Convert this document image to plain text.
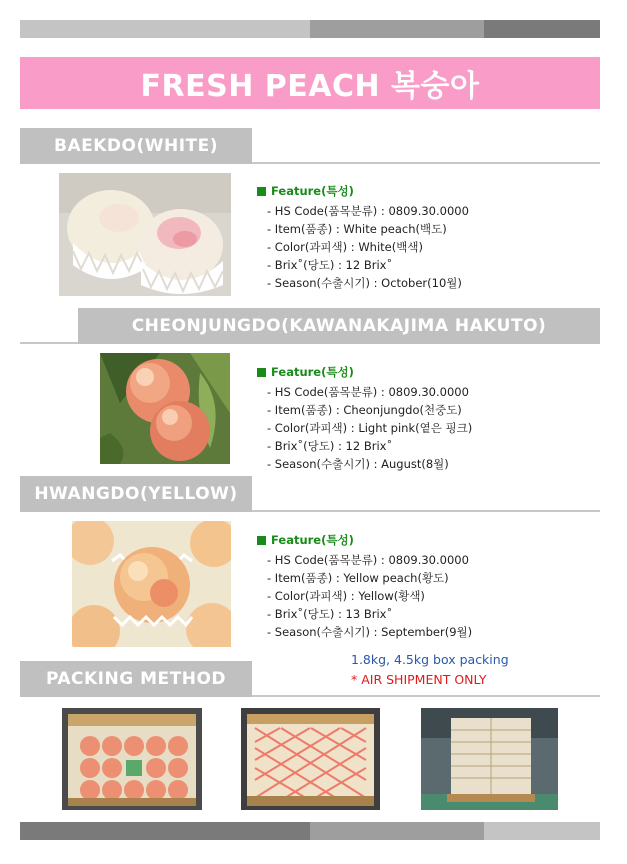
FRESH PEACH 복숭아
BAEKDO(WHITE)
Feature(특성)
- HS Code(품목분류) : 0809.30.0000
- Item(품종) : White peach(백도)
- Color(과피색) : White(백색)
- Brix˚(당도) : 12 Brix˚
- Season(수출시기) : October(10월)
CHEONJUNGDO(KAWANAKAJIMA HAKUTO)
Feature(특성)
- HS Code(품목분류) : 0809.30.0000
- Item(품종) : Cheonjungdo(천중도)
- Color(과피색) : Light pink(옅은 핑크)
- Brix˚(당도) : 12 Brix˚
- Season(수출시기) : August(8월)
HWANGDO(YELLOW)
Feature(특성)
- HS Code(품목분류) : 0809.30.0000
- Item(품종) : Yellow peach(황도)
- Color(과피색) : Yellow(황색)
- Brix˚(당도) : 13 Brix˚
- Season(수출시기) : September(9월)
1.8kg, 4.5kg box packing
* AIR SHIPMENT ONLY
PACKING METHOD
